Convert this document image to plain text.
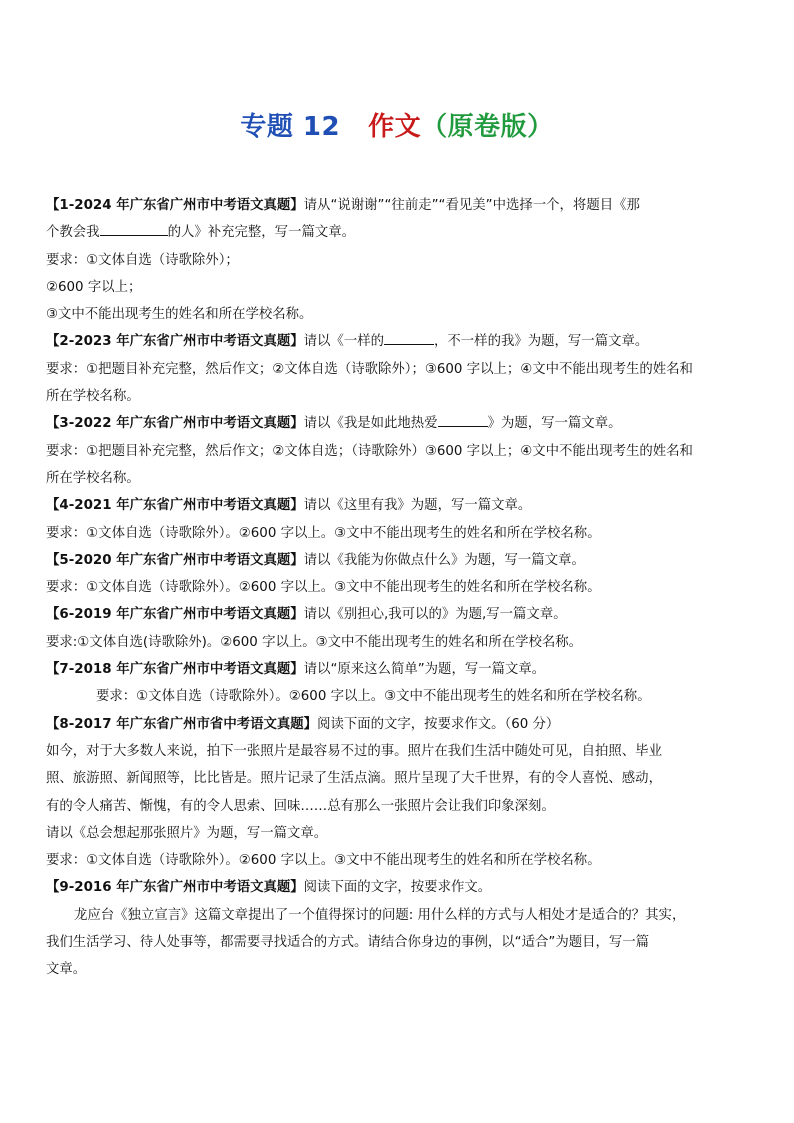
专题 12 作文（原卷版）
【1-2024 年广东省广州市中考语文真题】请从“说谢谢”“往前走”“看见美”中选择一个，将题目《那
个教会我	的人》补充完整，写一篇文章。
要求：①文体自选（诗歌除外）；
②600 字以上；
③文中不能出现考生的姓名和所在学校名称。
【2-2023 年广东省广州市中考语文真题】请以《一样的	，不一样的我》为题，写一篇文章。
要求：①把题目补充完整，然后作文；②文体自选（诗歌除外）；③600 字以上；④文中不能出现考生的姓名和
所在学校名称。
【3-2022 年广东省广州市中考语文真题】请以《我是如此地热爱	》为题，写一篇文章。
要求：①把题目补充完整，然后作文；②文体自选；（诗歌除外）③600 字以上；④文中不能出现考生的姓名和
所在学校名称。
【4-2021 年广东省广州市中考语文真题】请以《这里有我》为题，写一篇文章。
要求：①文体自选（诗歌除外）。②600 字以上。③文中不能出现考生的姓名和所在学校名称。
【5-2020 年广东省广州市中考语文真题】请以《我能为你做点什么》为题，写一篇文章。
要求：①文体自选（诗歌除外）。②600 字以上。③文中不能出现考生的姓名和所在学校名称。
【6-2019 年广东省广州市中考语文真题】请以《别担心,我可以的》为题,写一篇文章。
要求:①文体自选(诗歌除外)。②600 字以上。③文中不能出现考生的姓名和所在学校名称。
【7-2018 年广东省广州市中考语文真题】请以“原来这么简单”为题，写一篇文章。
要求：①文体自选（诗歌除外）。②600 字以上。③文中不能出现考生的姓名和所在学校名称。
【8-2017 年广东省广州市省中考语文真题】阅读下面的文字，按要求作文。（60 分）
如今，对于大多数人来说，拍下一张照片是最容易不过的事。照片在我们生活中随处可见，自拍照、毕业
照、旅游照、新闻照等，比比皆是。照片记录了生活点滴。照片呈现了大千世界，有的令人喜悦、感动，
有的令人痛苦、惭愧，有的令人思索、回味……总有那么一张照片会让我们印象深刻。
请以《总会想起那张照片》为题，写一篇文章。
要求：①文体自选（诗歌除外）。②600 字以上。③文中不能出现考生的姓名和所在学校名称。
【9-2016 年广东省广州市中考语文真题】阅读下面的文字，按要求作文。
龙应台《独立宣言》这篇文章提出了一个值得探讨的问题: 用什么样的方式与人相处才是适合的？其实，
我们生活学习、待人处事等，都需要寻找适合的方式。请结合你身边的事例，以“适合”为题目，写一篇
文章。
